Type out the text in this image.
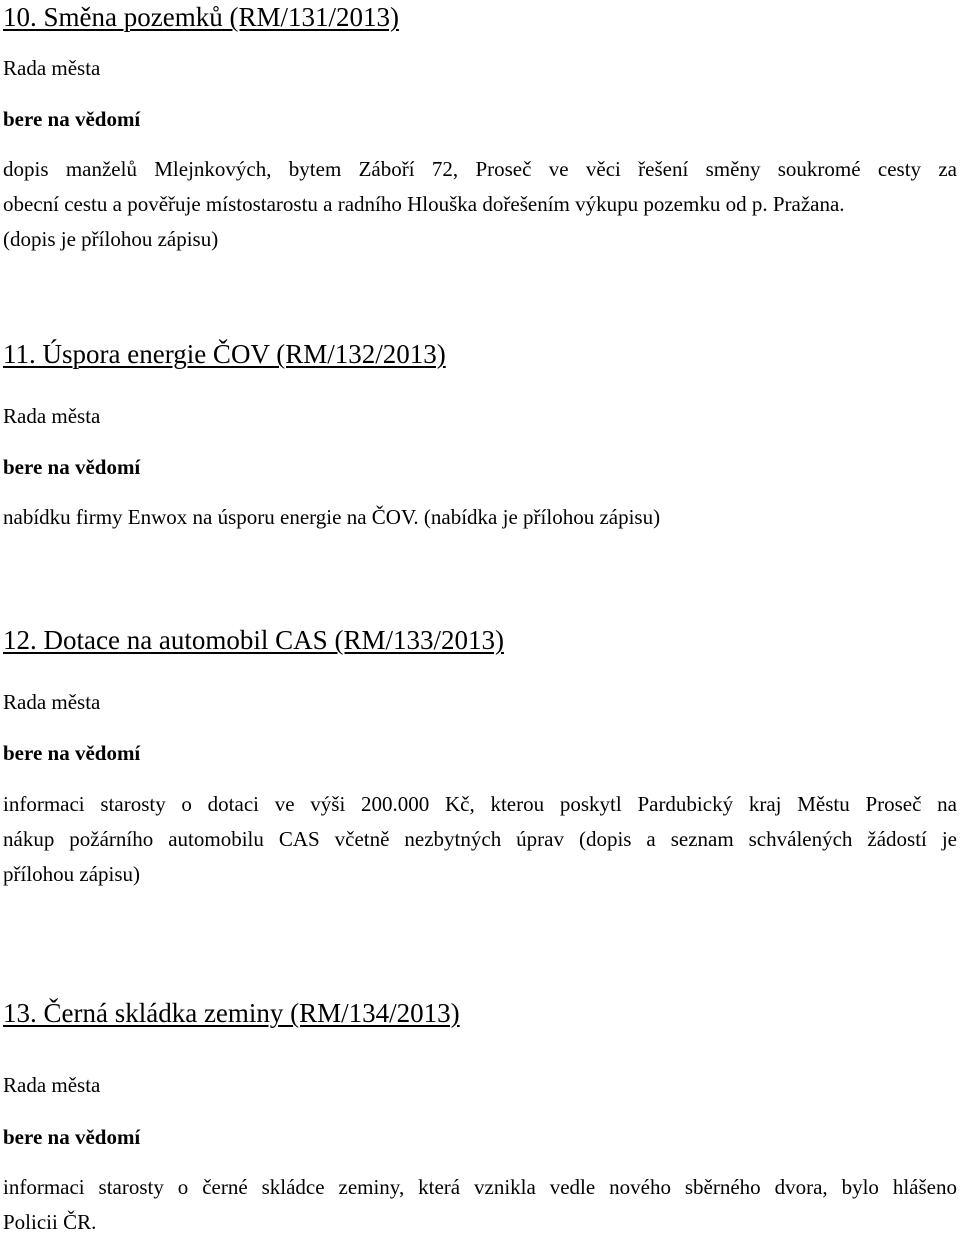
10. Směna pozemků (RM/131/2013)

Rada města

bere na vědomí

dopis manželů Mlejnkových, bytem Záboří 72, Proseč ve věci řešení směny soukromé cesty za
obecní cestu a pověřuje místostarostu a radního Hlouška dořešením výkupu pozemku od p. Pražana.
(dopis je přílohou zápisu)
11. Úspora energie ČOV (RM/132/2013)

Rada města

bere na vědomí

nabídku firmy Enwox na úsporu energie na ČOV. (nabídka je přílohou zápisu)
12. Dotace na automobil CAS (RM/133/2013)

Rada města

bere na vědomí

informaci starosty o dotaci ve výši 200.000 Kč, kterou poskytl Pardubický kraj Městu Proseč na
nákup požárního automobilu CAS včetně nezbytných úprav (dopis a seznam schválených žádostí je
přílohou zápisu)
13. Černá skládka zeminy (RM/134/2013)

Rada města

bere na vědomí

informaci starosty o černé skládce zeminy, která vznikla vedle nového sběrného dvora, bylo hlášeno
Policii ČR.
